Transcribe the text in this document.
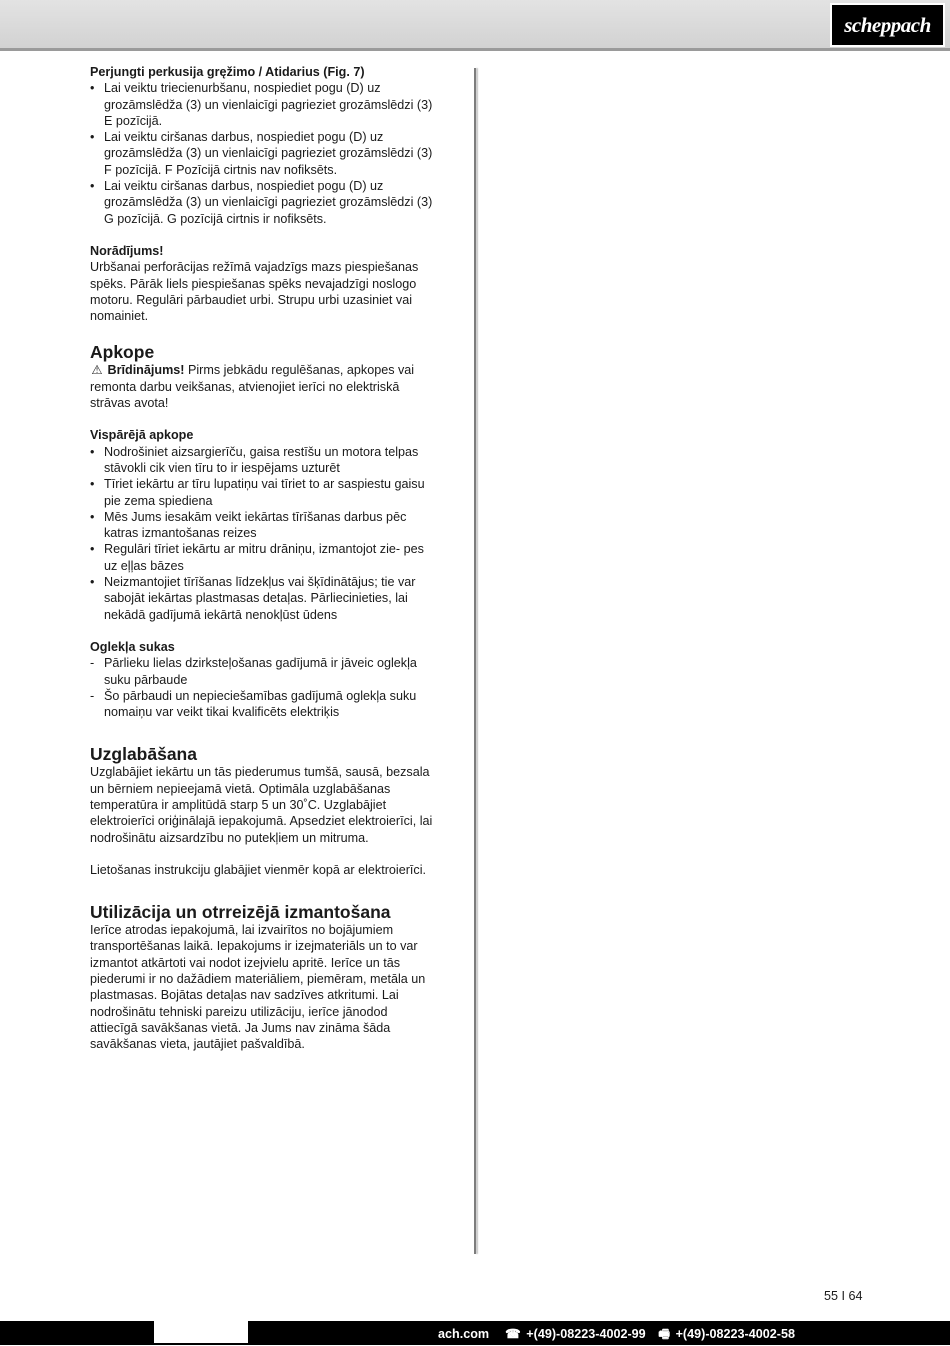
scheppach

Perjungti perkusija gręžimo / Atidarius (Fig. 7)

• Lai veiktu triecienurbšanu, nospiediet pogu (D) uz grozāmslēdža (3) un vienlaicīgi pagrieziet grozāmslēdzi (3) E pozīcijā.
• Lai veiktu ciršanas darbus, nospiediet pogu (D) uz grozāmslēdža (3) un vienlaicīgi pagrieziet grozāmslēdzi (3) F pozīcijā. F Pozīcijā cirtnis nav nofiksēts.
• Lai veiktu ciršanas darbus, nospiediet pogu (D) uz grozāmslēdža (3) un vienlaicīgi pagrieziet grozāmslēdzi (3) G pozīcijā. G pozīcijā cirtnis ir nofiksēts.

Norādījums!

Urbšanai perforācijas režīmā vajadzīgs mazs piespiešanas spēks. Pārāk liels piespiešanas spēks nevajadzīgi noslogo motoru. Regulāri pārbaudiet urbi. Strupu urbi uzasiniet vai nomainiet.

Apkope

⚠ Brīdinājums! Pirms jebkādu regulēšanas, apkopes vai remonta darbu veikšanas, atvienojiet ierīci no elektriskā strāvas avota!

Vispārējā apkope

• Nodrošiniet aizsargierīču, gaisa restīšu un motora telpas stāvokli cik vien tīru to ir iespējams uzturēt
• Tīriet iekārtu ar tīru lupatiņu vai tīriet to ar saspiestu gaisu pie zema spiediena
• Mēs Jums iesakām veikt iekārtas tīrīšanas darbus pēc katras izmantošanas reizes
• Regulāri tīriet iekārtu ar mitru drāniņu, izmantojot zie- pes uz eļļas bāzes
• Neizmantojiet tīrīšanas līdzekļus vai šķīdinātājus; tie var sabojāt iekārtas plastmasas detaļas. Pārliecinieties, lai nekādā gadījumā iekārtā nenokļūst ūdens

Oglekļa sukas

- Pārlieku lielas dzirksteļošanas gadījumā ir jāveic oglekļa suku pārbaude
- Šo pārbaudi un nepieciešamības gadījumā oglekļa suku nomaiņu var veikt tikai kvalificēts elektriķis

Uzglabāšana

Uzglabājiet iekārtu un tās piederumus tumšā, sausā, bezsala un bērniem nepieejamā vietā. Optimāla uzglabāšanas temperatūra ir amplitūdā starp 5 un 30˚C. Uzglabājiet elektroierīci oriģinālajā iepakojumā. Apsedziet elektroierīci, lai nodrošinātu aizsardzību no putekļiem un mitruma.

Lietošanas instrukciju glabājiet vienmēr kopā ar elektroierīci.

Utilizācija un otrreizējā izmantošana

Ierīce atrodas iepakojumā, lai izvairītos no bojājumiem transportēšanas laikā. Iepakojums ir izejmateriāls un to var izmantot atkārtoti vai nodot izejvielu apritē. Ierīce un tās piederumi ir no dažādiem materiāliem, piemēram, metāla un plastmasas. Bojātas detaļas nav sadzīves atkritumi. Lai nodrošinātu tehniski pareizu utilizāciju, ierīce jānodod attiecīgā savākšanas vietā. Ja Jums nav zināma šāda savākšanas vieta, jautājiet pašvaldībā.

55 I 64
ach.com ☎ +(49)-08223-4002-99 🖷 +(49)-08223-4002-58
